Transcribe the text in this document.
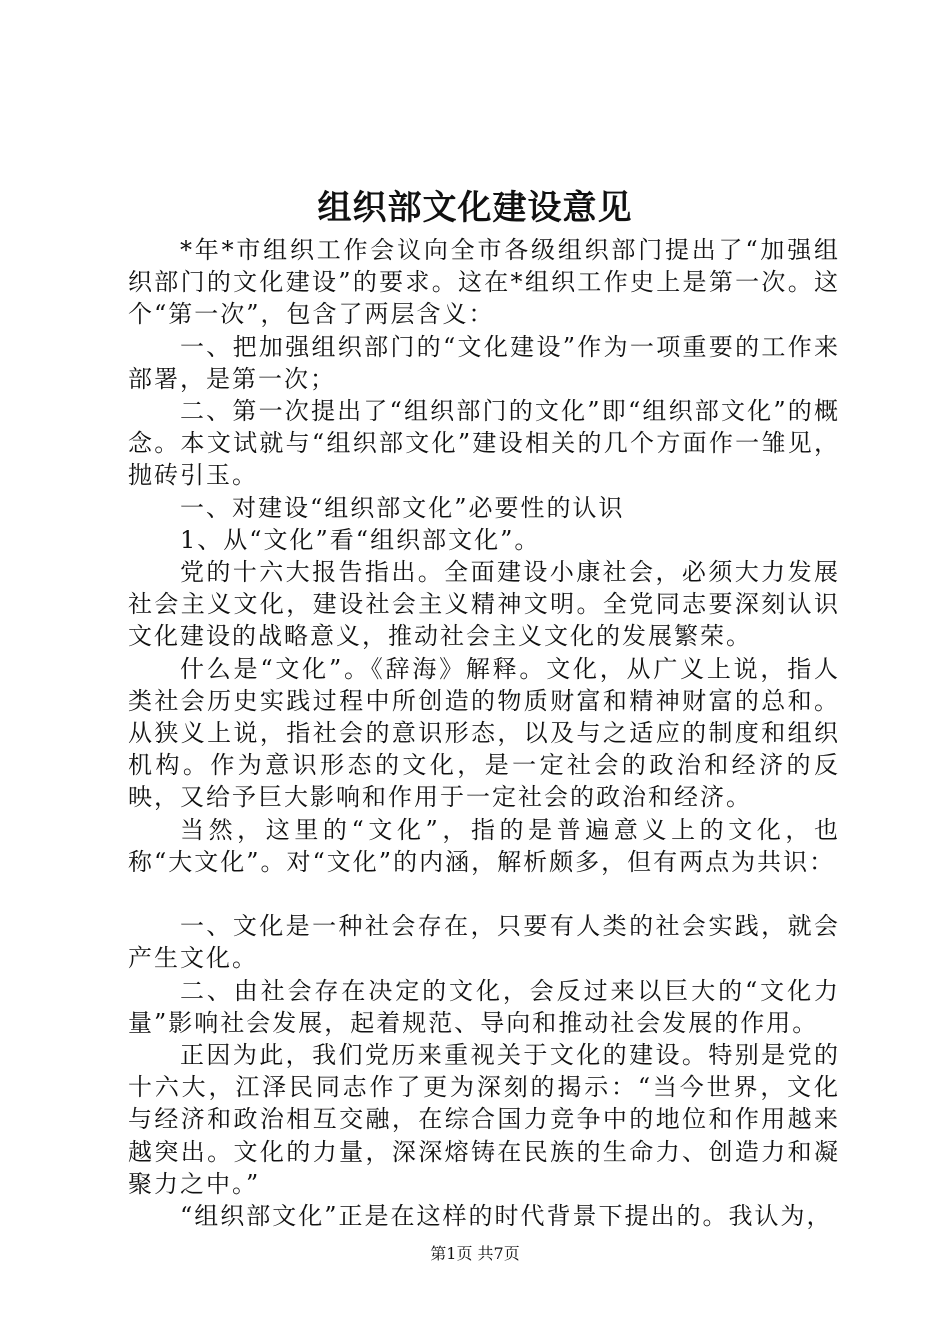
组织部文化建设意见

*年*市组织工作会议向全市各级组织部门提出了“加强组织部门的文化建设”的要求。这在*组织工作史上是第一次。这个“第一次”，包含了两层含义：

一、把加强组织部门的“文化建设”作为一项重要的工作来部署，是第一次；

二、第一次提出了“组织部门的文化”即“组织部文化”的概念。本文试就与“组织部文化”建设相关的几个方面作一雏见，抛砖引玉。

一、对建设“组织部文化”必要性的认识

1、从“文化”看“组织部文化”。

党的十六大报告指出。全面建设小康社会，必须大力发展社会主义文化，建设社会主义精神文明。全党同志要深刻认识文化建设的战略意义，推动社会主义文化的发展繁荣。

什么是“文化”。《辞海》解释。文化，从广义上说，指人类社会历史实践过程中所创造的物质财富和精神财富的总和。从狭义上说，指社会的意识形态，以及与之适应的制度和组织机构。作为意识形态的文化，是一定社会的政治和经济的反映，又给予巨大影响和作用于一定社会的政治和经济。

当然，这里的“文化”，指的是普遍意义上的文化，也称“大文化”。对“文化”的内涵，解析颇多，但有两点为共识：

一、文化是一种社会存在，只要有人类的社会实践，就会产生文化。

二、由社会存在决定的文化，会反过来以巨大的“文化力量”影响社会发展，起着规范、导向和推动社会发展的作用。

正因为此，我们党历来重视关于文化的建设。特别是党的十六大，江泽民同志作了更为深刻的揭示：“当今世界，文化与经济和政治相互交融，在综合国力竞争中的地位和作用越来越突出。文化的力量，深深熔铸在民族的生命力、创造力和凝聚力之中。”

“组织部文化”正是在这样的时代背景下提出的。我认为，

第1页 共7页
